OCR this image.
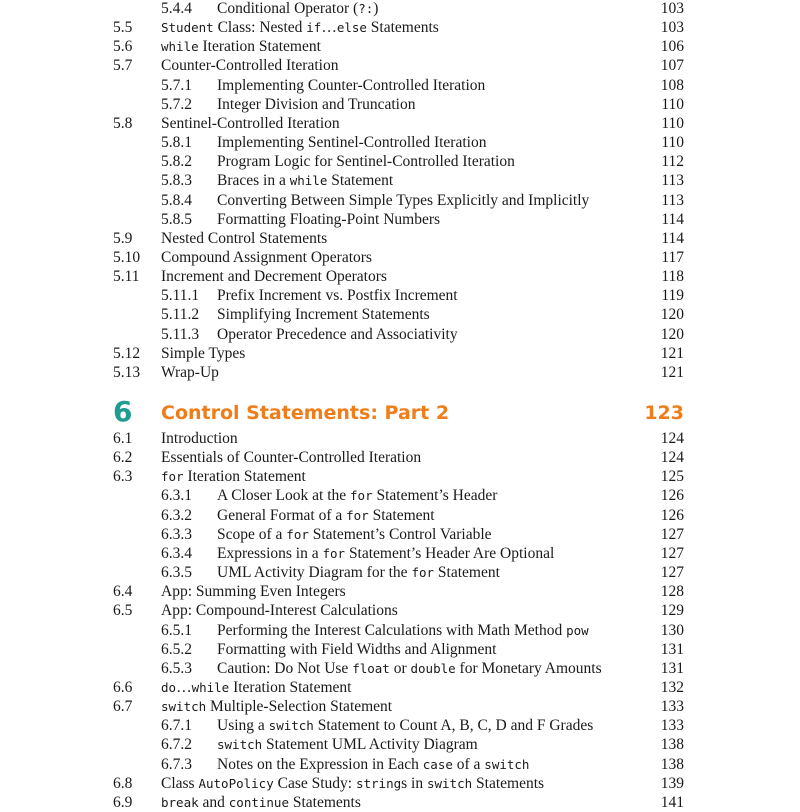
5.4.4 Conditional Operator (?:)	103
5.5 Student Class: Nested if…else Statements	103
5.6 while Iteration Statement	106
5.7 Counter-Controlled Iteration	107
5.7.1 Implementing Counter-Controlled Iteration	108
5.7.2 Integer Division and Truncation	110
5.8 Sentinel-Controlled Iteration	110
5.8.1 Implementing Sentinel-Controlled Iteration	110
5.8.2 Program Logic for Sentinel-Controlled Iteration	112
5.8.3 Braces in a while Statement	113
5.8.4 Converting Between Simple Types Explicitly and Implicitly	113
5.8.5 Formatting Floating-Point Numbers	114
5.9 Nested Control Statements	114
5.10 Compound Assignment Operators	117
5.11 Increment and Decrement Operators	118
5.11.1 Prefix Increment vs. Postfix Increment	119
5.11.2 Simplifying Increment Statements	120
5.11.3 Operator Precedence and Associativity	120
5.12 Simple Types	121
5.13 Wrap-Up	121
6 Control Statements: Part 2	123
6.1 Introduction	124
6.2 Essentials of Counter-Controlled Iteration	124
6.3 for Iteration Statement	125
6.3.1 A Closer Look at the for Statement’s Header	126
6.3.2 General Format of a for Statement	126
6.3.3 Scope of a for Statement’s Control Variable	127
6.3.4 Expressions in a for Statement’s Header Are Optional	127
6.3.5 UML Activity Diagram for the for Statement	127
6.4 App: Summing Even Integers	128
6.5 App: Compound-Interest Calculations	129
6.5.1 Performing the Interest Calculations with Math Method pow	130
6.5.2 Formatting with Field Widths and Alignment	131
6.5.3 Caution: Do Not Use float or double for Monetary Amounts	131
6.6 do…while Iteration Statement	132
6.7 switch Multiple-Selection Statement	133
6.7.1 Using a switch Statement to Count A, B, C, D and F Grades	133
6.7.2 switch Statement UML Activity Diagram	138
6.7.3 Notes on the Expression in Each case of a switch	138
6.8 Class AutoPolicy Case Study: strings in switch Statements	139
6.9 break and continue Statements	141
